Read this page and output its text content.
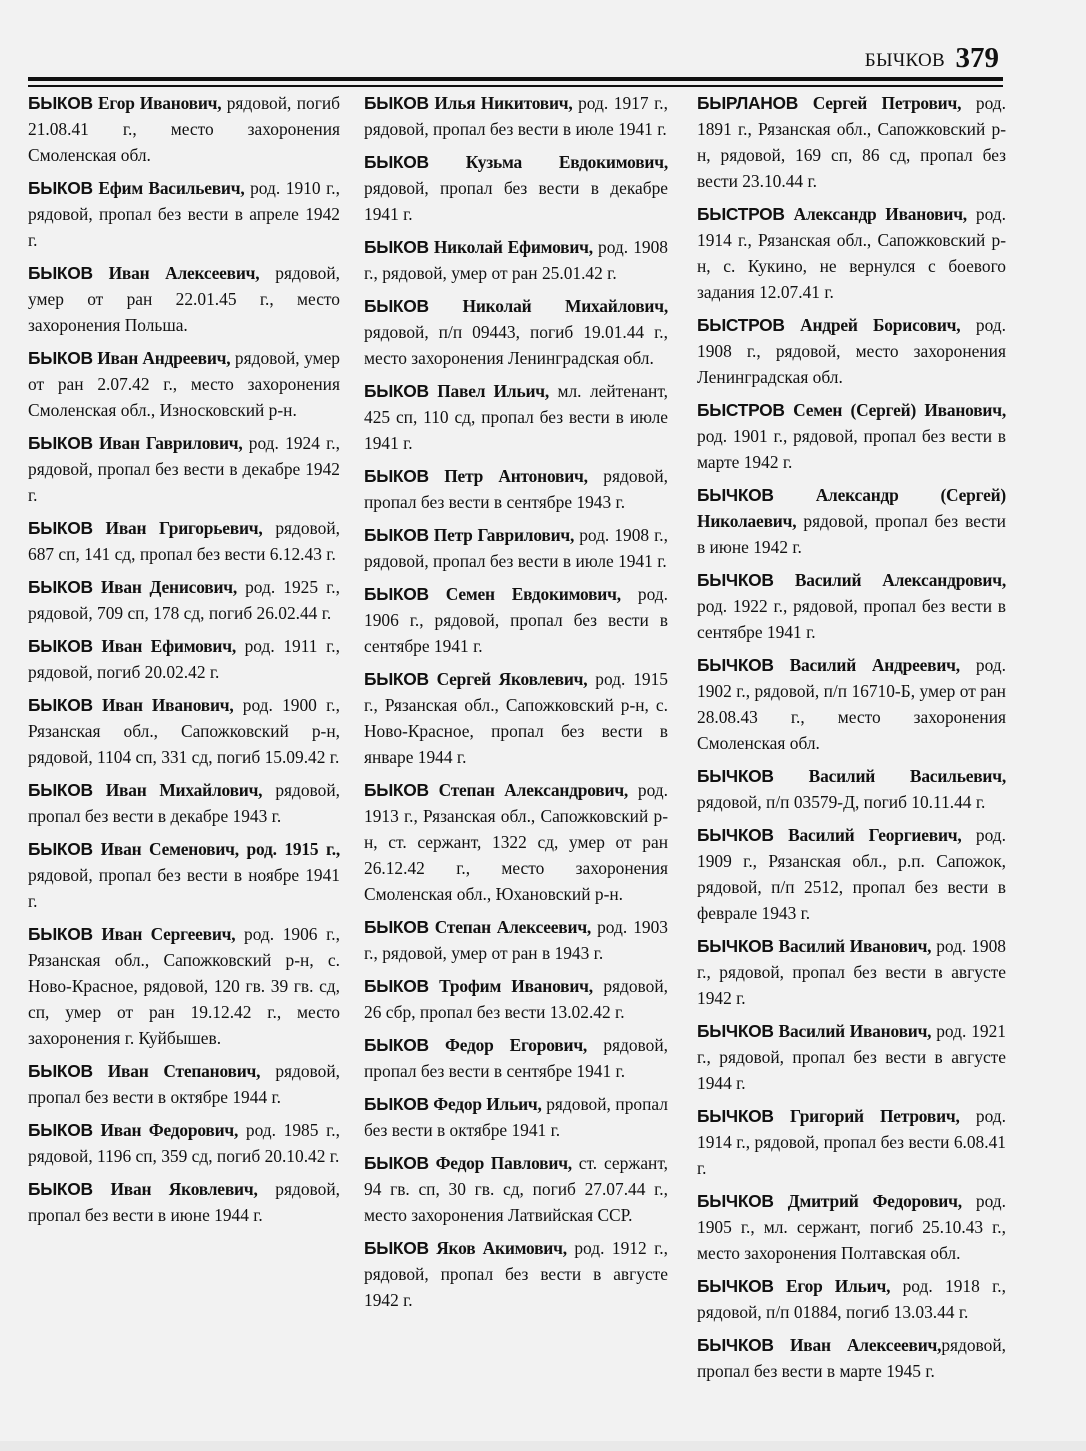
БЫЧКОВ 379

БЫКОВ Егор Иванович, рядовой, погиб 21.08.41 г., место захоронения Смоленская обл.

БЫКОВ Ефим Васильевич, род. 1910 г., рядовой, пропал без вести в апреле 1942 г.

БЫКОВ Иван Алексеевич, рядовой, умер от ран 22.01.45 г., место захоронения Польша.

БЫКОВ Иван Андреевич, рядовой, умер от ран 2.07.42 г., место захоронения Смоленская обл., Износковский р-н.

БЫКОВ Иван Гаврилович, род. 1924 г., рядовой, пропал без вести в декабре 1942 г.

БЫКОВ Иван Григорьевич, рядовой, 687 сп, 141 сд, пропал без вести 6.12.43 г.

БЫКОВ Иван Денисович, род. 1925 г., рядовой, 709 сп, 178 сд, погиб 26.02.44 г.

БЫКОВ Иван Ефимович, род. 1911 г., рядовой, погиб 20.02.42 г.

БЫКОВ Иван Иванович, род. 1900 г., Рязанская обл., Сапожковский р-н, рядовой, 1104 сп, 331 сд, погиб 15.09.42 г.

БЫКОВ Иван Михайлович, рядовой, пропал без вести в декабре 1943 г.

БЫКОВ Иван Семенович, род. 1915 г., рядовой, пропал без вести в ноябре 1941 г.

БЫКОВ Иван Сергеевич, род. 1906 г., Рязанская обл., Сапожковский р-н, с. Ново-Красное, рядовой, 120 гв. 39 гв. сд, сп, умер от ран 19.12.42 г., место захоронения г. Куйбышев.

БЫКОВ Иван Степанович, рядовой, пропал без вести в октябре 1944 г.

БЫКОВ Иван Федорович, род. 1985 г., рядовой, 1196 сп, 359 сд, погиб 20.10.42 г.

БЫКОВ Иван Яковлевич, рядовой, пропал без вести в июне 1944 г.

БЫКОВ Илья Никитович, род. 1917 г., рядовой, пропал без вести в июле 1941 г.

БЫКОВ Кузьма Евдокимович, рядовой, пропал без вести в декабре 1941 г.

БЫКОВ Николай Ефимович, род. 1908 г., рядовой, умер от ран 25.01.42 г.

БЫКОВ Николай Михайлович, рядовой, п/п 09443, погиб 19.01.44 г., место захоронения Ленинградская обл.

БЫКОВ Павел Ильич, мл. лейтенант, 425 сп, 110 сд, пропал без вести в июле 1941 г.

БЫКОВ Петр Антонович, рядовой, пропал без вести в сентябре 1943 г.

БЫКОВ Петр Гаврилович, род. 1908 г., рядовой, пропал без вести в июле 1941 г.

БЫКОВ Семен Евдокимович, род. 1906 г., рядовой, пропал без вести в сентябре 1941 г.

БЫКОВ Сергей Яковлевич, род. 1915 г., Рязанская обл., Сапожковский р-н, с. Ново-Красное, пропал без вести в январе 1944 г.

БЫКОВ Степан Александрович, род. 1913 г., Рязанская обл., Сапожковский р-н, ст. сержант, 1322 сд, умер от ран 26.12.42 г., место захоронения Смоленская обл., Юхановский р-н.

БЫКОВ Степан Алексеевич, род. 1903 г., рядовой, умер от ран в 1943 г.

БЫКОВ Трофим Иванович, рядовой, 26 сбр, пропал без вести 13.02.42 г.

БЫКОВ Федор Егорович, рядовой, пропал без вести в сентябре 1941 г.

БЫКОВ Федор Ильич, рядовой, пропал без вести в октябре 1941 г.

БЫКОВ Федор Павлович, ст. сержант, 94 гв. сп, 30 гв. сд, погиб 27.07.44 г., место захоронения Латвийская ССР.

БЫКОВ Яков Акимович, род. 1912 г., рядовой, пропал без вести в августе 1942 г.

БЫРЛАНОВ Сергей Петрович, род. 1891 г., Рязанская обл., Сапожковский р-н, рядовой, 169 сп, 86 сд, пропал без вести 23.10.44 г.

БЫСТРОВ Александр Иванович, род. 1914 г., Рязанская обл., Сапожковский р-н, с. Кукино, не вернулся с боевого задания 12.07.41 г.

БЫСТРОВ Андрей Борисович, род. 1908 г., рядовой, место захоронения Ленинградская обл.

БЫСТРОВ Семен (Сергей) Иванович, род. 1901 г., рядовой, пропал без вести в марте 1942 г.

БЫЧКОВ Александр (Сергей) Николаевич, рядовой, пропал без вести в июне 1942 г.

БЫЧКОВ Василий Александрович, род. 1922 г., рядовой, пропал без вести в сентябре 1941 г.

БЫЧКОВ Василий Андреевич, род. 1902 г., рядовой, п/п 16710-Б, умер от ран 28.08.43 г., место захоронения Смоленская обл.

БЫЧКОВ Василий Васильевич, рядовой, п/п 03579-Д, погиб 10.11.44 г.

БЫЧКОВ Василий Георгиевич, род. 1909 г., Рязанская обл., р.п. Сапожок, рядовой, п/п 2512, пропал без вести в феврале 1943 г.

БЫЧКОВ Василий Иванович, род. 1908 г., рядовой, пропал без вести в августе 1942 г.

БЫЧКОВ Василий Иванович, род. 1921 г., рядовой, пропал без вести в августе 1944 г.

БЫЧКОВ Григорий Петрович, род. 1914 г., рядовой, пропал без вести 6.08.41 г.

БЫЧКОВ Дмитрий Федорович, род. 1905 г., мл. сержант, погиб 25.10.43 г., место захоронения Полтавская обл.

БЫЧКОВ Егор Ильич, род. 1918 г., рядовой, п/п 01884, погиб 13.03.44 г.

БЫЧКОВ Иван Алексеевич,рядовой, пропал без вести в марте 1945 г.
